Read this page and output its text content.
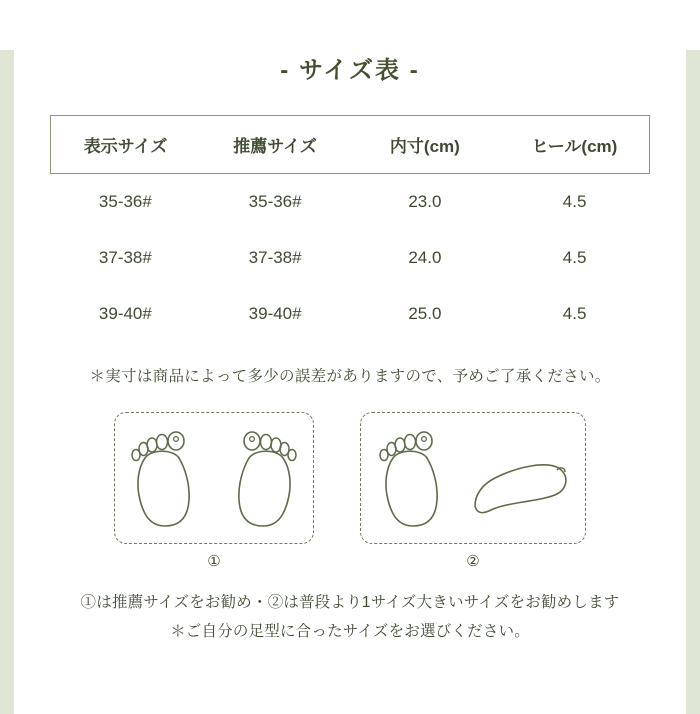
- サイズ表 -
表示サイズ	推薦サイズ	内寸(cm)	ヒール(cm)
35-36#	35-36#	23.0	4.5
37-38#	37-38#	24.0	4.5
39-40#	39-40#	25.0	4.5
＊実寸は商品によって多少の誤差がありますので、予めご了承ください。
①	②
①は推薦サイズをお勧め・②は普段より1サイズ大きいサイズをお勧めします
＊ご自分の足型に合ったサイズをお選びください。
